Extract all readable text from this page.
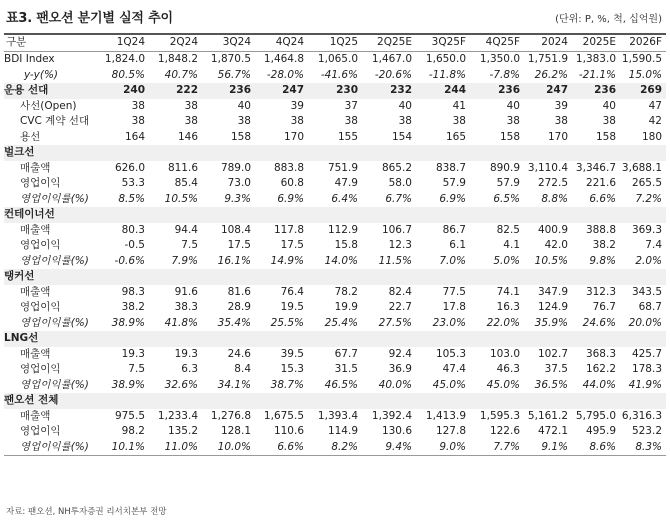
표3. 팬오션 분기별 실적 추이	(단위: P, %, 척, 십억원)
구분	1Q24	2Q24	3Q24	4Q24	1Q25	2Q25E	3Q25F	4Q25F	2024	2025E	2026F
BDI Index	1,824.0	1,848.2	1,870.5	1,464.8	1,065.0	1,467.0	1,650.0	1,350.0	1,751.9	1,383.0	1,590.5
y-y(%)	80.5%	40.7%	56.7%	-28.0%	-41.6%	-20.6%	-11.8%	-7.8%	26.2%	-21.1%	15.0%
운용 선대	240	222	236	247	230	232	244	236	247	236	269
사선(Open)	38	38	40	39	37	40	41	40	39	40	47
CVC 계약 선대	38	38	38	38	38	38	38	38	38	38	42
용선	164	146	158	170	155	154	165	158	170	158	180
벌크선											
매출액	626.0	811.6	789.0	883.8	751.9	865.2	838.7	890.9	3,110.4	3,346.7	3,688.1
영업이익	53.3	85.4	73.0	60.8	47.9	58.0	57.9	57.9	272.5	221.6	265.5
영업이익률(%)	8.5%	10.5%	9.3%	6.9%	6.4%	6.7%	6.9%	6.5%	8.8%	6.6%	7.2%
컨테이너선											
매출액	80.3	94.4	108.4	117.8	112.9	106.7	86.7	82.5	400.9	388.8	369.3
영업이익	-0.5	7.5	17.5	17.5	15.8	12.3	6.1	4.1	42.0	38.2	7.4
영업이익률(%)	-0.6%	7.9%	16.1%	14.9%	14.0%	11.5%	7.0%	5.0%	10.5%	9.8%	2.0%
탱커선											
매출액	98.3	91.6	81.6	76.4	78.2	82.4	77.5	74.1	347.9	312.3	343.5
영업이익	38.2	38.3	28.9	19.5	19.9	22.7	17.8	16.3	124.9	76.7	68.7
영업이익률(%)	38.9%	41.8%	35.4%	25.5%	25.4%	27.5%	23.0%	22.0%	35.9%	24.6%	20.0%
LNG선											
매출액	19.3	19.3	24.6	39.5	67.7	92.4	105.3	103.0	102.7	368.3	425.7
영업이익	7.5	6.3	8.4	15.3	31.5	36.9	47.4	46.3	37.5	162.2	178.3
영업이익률(%)	38.9%	32.6%	34.1%	38.7%	46.5%	40.0%	45.0%	45.0%	36.5%	44.0%	41.9%
팬오션 전체											
매출액	975.5	1,233.4	1,276.8	1,675.5	1,393.4	1,392.4	1,413.9	1,595.3	5,161.2	5,795.0	6,316.3
영업이익	98.2	135.2	128.1	110.6	114.9	130.6	127.8	122.6	472.1	495.9	523.2
영업이익률(%)	10.1%	11.0%	10.0%	6.6%	8.2%	9.4%	9.0%	7.7%	9.1%	8.6%	8.3%
자료: 팬오션, NH투자증권 리서치본부 전망
